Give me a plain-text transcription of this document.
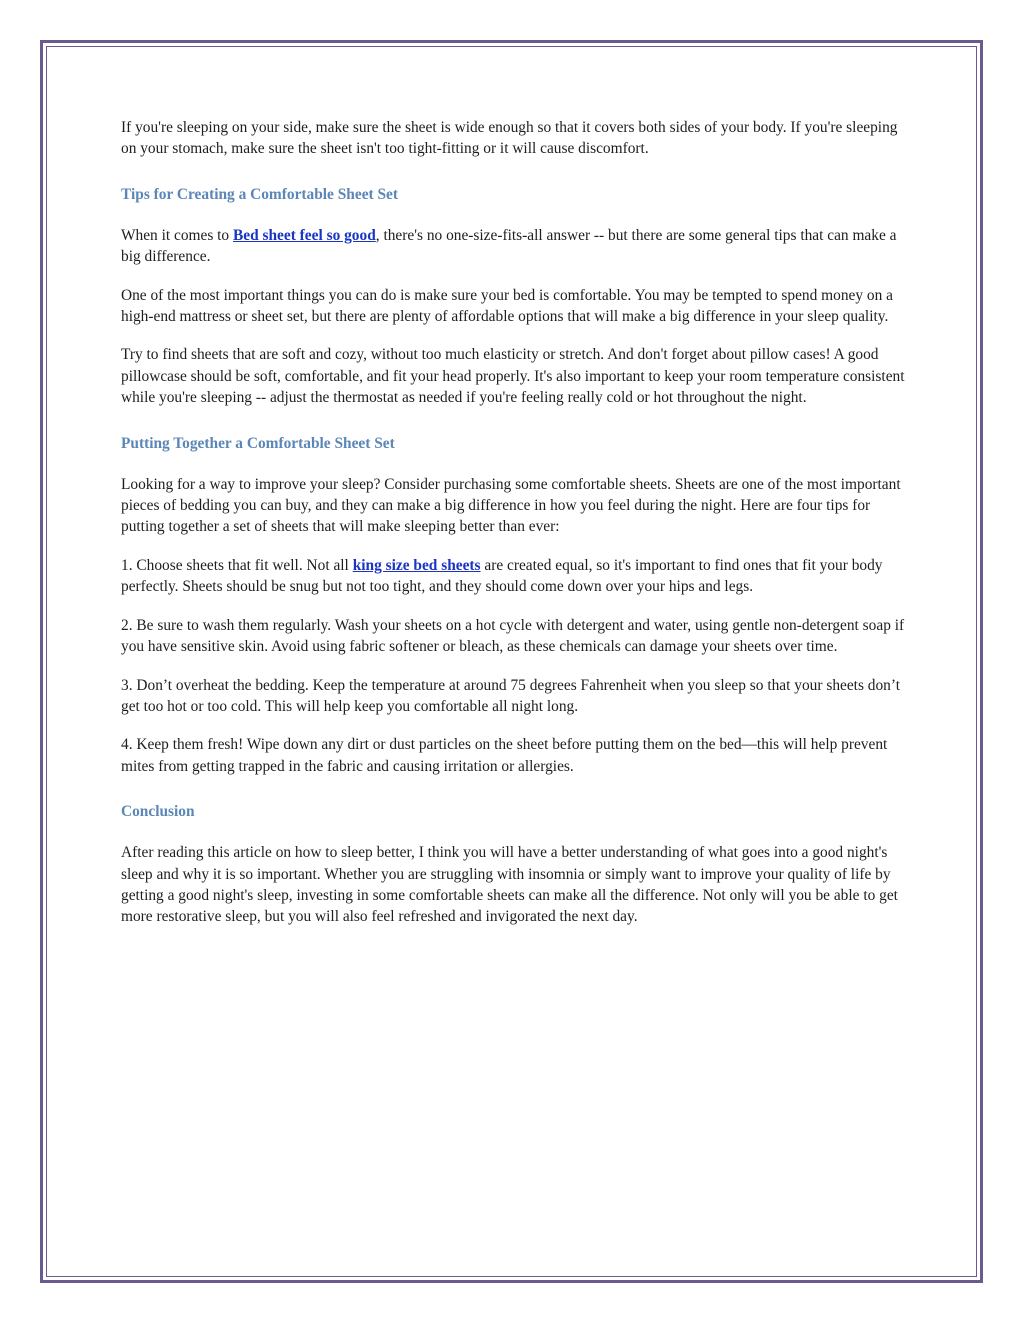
If you're sleeping on your side, make sure the sheet is wide enough so that it covers both sides of your body. If you're sleeping on your stomach, make sure the sheet isn't too tight-fitting or it will cause discomfort.

Tips for Creating a Comfortable Sheet Set

When it comes to Bed sheet feel so good, there's no one-size-fits-all answer -- but there are some general tips that can make a big difference.

One of the most important things you can do is make sure your bed is comfortable. You may be tempted to spend money on a high-end mattress or sheet set, but there are plenty of affordable options that will make a big difference in your sleep quality.

Try to find sheets that are soft and cozy, without too much elasticity or stretch. And don't forget about pillow cases! A good pillowcase should be soft, comfortable, and fit your head properly. It's also important to keep your room temperature consistent while you're sleeping -- adjust the thermostat as needed if you're feeling really cold or hot throughout the night.

Putting Together a Comfortable Sheet Set

Looking for a way to improve your sleep? Consider purchasing some comfortable sheets. Sheets are one of the most important pieces of bedding you can buy, and they can make a big difference in how you feel during the night. Here are four tips for putting together a set of sheets that will make sleeping better than ever:

1. Choose sheets that fit well. Not all king size bed sheets are created equal, so it's important to find ones that fit your body perfectly. Sheets should be snug but not too tight, and they should come down over your hips and legs.

2. Be sure to wash them regularly. Wash your sheets on a hot cycle with detergent and water, using gentle non-detergent soap if you have sensitive skin. Avoid using fabric softener or bleach, as these chemicals can damage your sheets over time.

3. Don’t overheat the bedding. Keep the temperature at around 75 degrees Fahrenheit when you sleep so that your sheets don’t get too hot or too cold. This will help keep you comfortable all night long.

4. Keep them fresh! Wipe down any dirt or dust particles on the sheet before putting them on the bed—this will help prevent mites from getting trapped in the fabric and causing irritation or allergies.

Conclusion

After reading this article on how to sleep better, I think you will have a better understanding of what goes into a good night's sleep and why it is so important. Whether you are struggling with insomnia or simply want to improve your quality of life by getting a good night's sleep, investing in some comfortable sheets can make all the difference. Not only will you be able to get more restorative sleep, but you will also feel refreshed and invigorated the next day.
